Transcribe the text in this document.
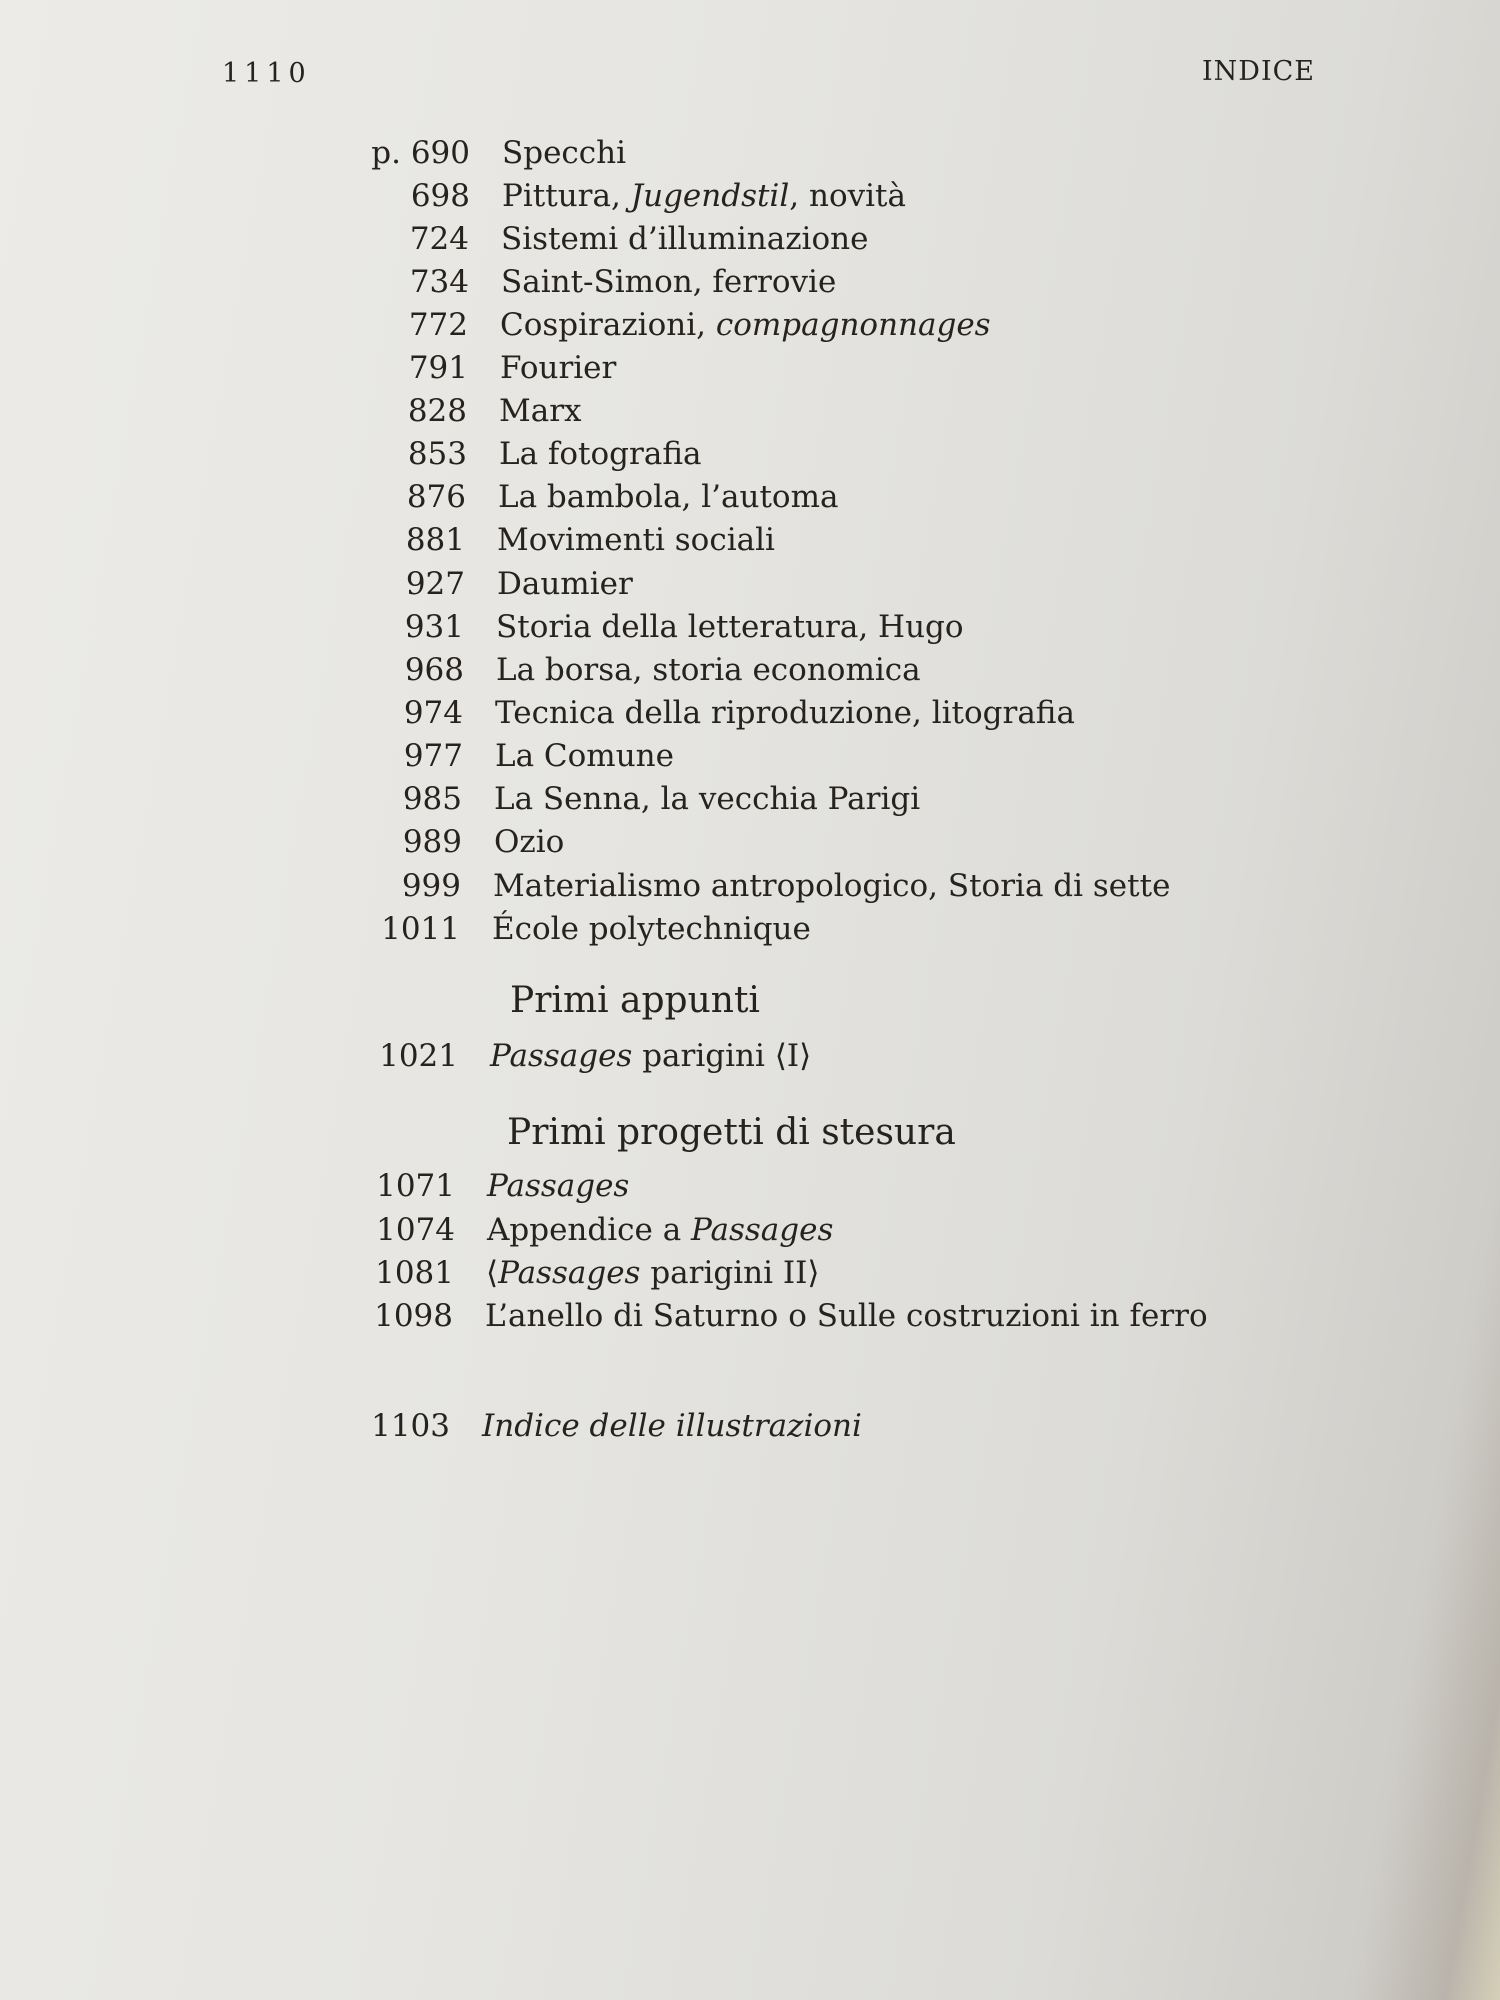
1110	INDICE
p. 690 Specchi
698 Pittura, Jugendstil, novità
724 Sistemi d’illuminazione
734 Saint-Simon, ferrovie
772 Cospirazioni, compagnonnages
791 Fourier
828 Marx
853 La fotografia
876 La bambola, l’automa
881 Movimenti sociali
927 Daumier
931 Storia della letteratura, Hugo
968 La borsa, storia economica
974 Tecnica della riproduzione, litografia
977 La Comune
985 La Senna, la vecchia Parigi
989 Ozio
999 Materialismo antropologico, Storia di sette
1011 École polytechnique
Primi appunti
1021 Passages parigini ⟨I⟩
Primi progetti di stesura
1071 Passages
1074 Appendice a Passages
1081 ⟨Passages parigini II⟩
1098 L’anello di Saturno o Sulle costruzioni in ferro
1103 Indice delle illustrazioni
